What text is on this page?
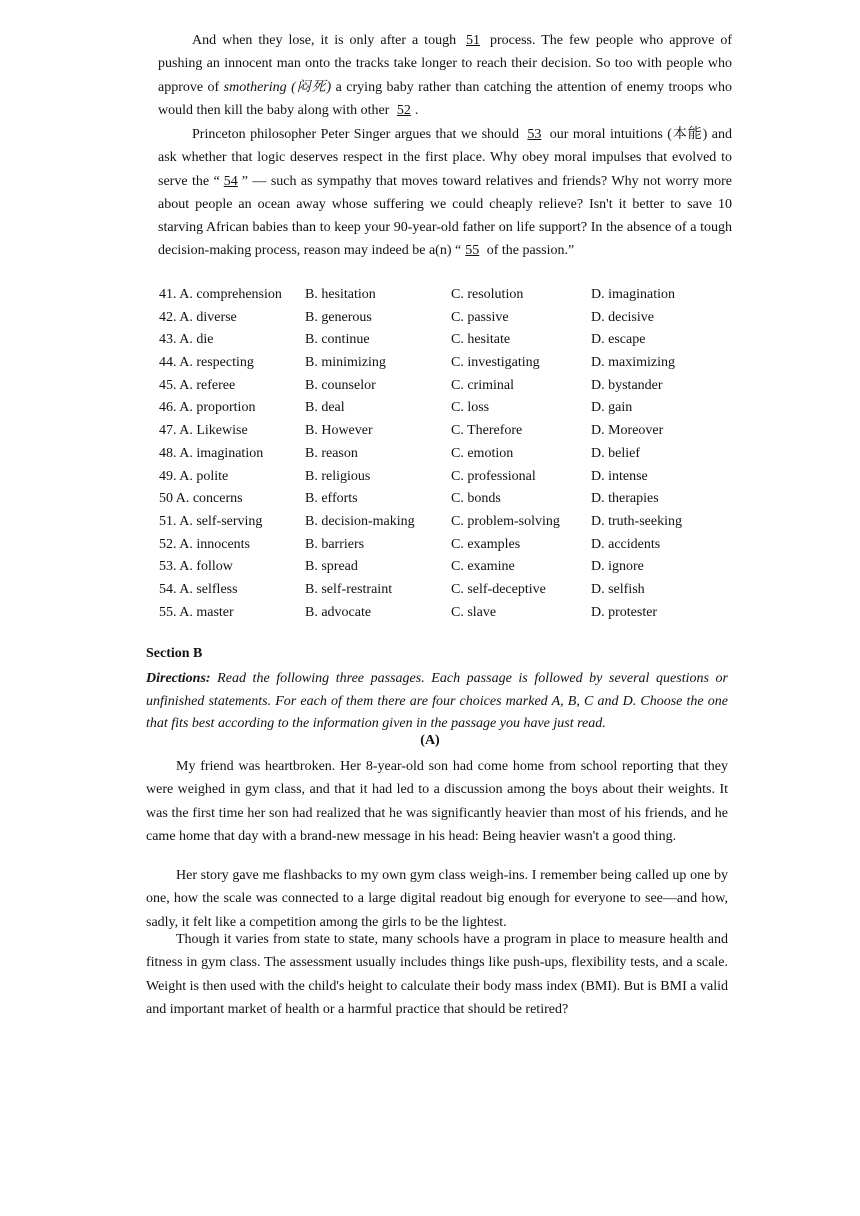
And when they lose, it is only after a tough 51 process. The few people who approve of pushing an innocent man onto the tracks take longer to reach their decision. So too with people who approve of smothering (闷死) a crying baby rather than catching the attention of enemy troops who would then kill the baby along with other 52 .

Princeton philosopher Peter Singer argues that we should 53 our moral intuitions (本能) and ask whether that logic deserves respect in the first place. Why obey moral impulses that evolved to serve the “ 54 ” — such as sympathy that moves toward relatives and friends? Why not worry more about people an ocean away whose suffering we could cheaply relieve? Isn't it better to save 10 starving African babies than to keep your 90-year-old father on life support? In the absence of a tough decision-making process, reason may indeed be a(n) “ 55 of the passion.”

41. A. comprehension B. hesitation	C. resolution	D. imagination
42. A. diverse	B. generous	C. passive	D. decisive
43. A. die	B. continue	C. hesitate	D. escape
44. A. respecting	B. minimizing	C. investigating	D. maximizing
45. A. referee	B. counselor	C. criminal	D. bystander
46. A. proportion	B. deal	C. loss	D. gain
47. A. Likewise	B. However	C. Therefore	D. Moreover
48. A. imagination	B. reason	C. emotion	D. belief
49. A. polite	B. religious	C. professional	D. intense
50 A. concerns	B. efforts	C. bonds	D. therapies
51. A. self-serving	B. decision-making	C. problem-solving D. truth-seeking
52. A. innocents	B. barriers	C. examples	D. accidents
53. A. follow	B. spread	C. examine	D. ignore
54. A. selfless	B. self-restraint	C. self-deceptive	D. selfish
55. A. master	B. advocate	C. slave	D. protester

Section B

Directions: Read the following three passages. Each passage is followed by several questions or unfinished statements. For each of them there are four choices marked A, B, C and D. Choose the one that fits best according to the information given in the passage you have just read.

(A)

My friend was heartbroken. Her 8-year-old son had come home from school reporting that they were weighed in gym class, and that it had led to a discussion among the boys about their weights. It was the first time her son had realized that he was significantly heavier than most of his friends, and he came home that day with a brand-new message in his head: Being heavier wasn't a good thing.

Her story gave me flashbacks to my own gym class weigh-ins. I remember being called up one by one, how the scale was connected to a large digital readout big enough for everyone to see—and how, sadly, it felt like a competition among the girls to be the lightest.

Though it varies from state to state, many schools have a program in place to measure health and fitness in gym class. The assessment usually includes things like push-ups, flexibility tests, and a scale. Weight is then used with the child's height to calculate their body mass index (BMI). But is BMI a valid and important market of health or a harmful practice that should be retired?
